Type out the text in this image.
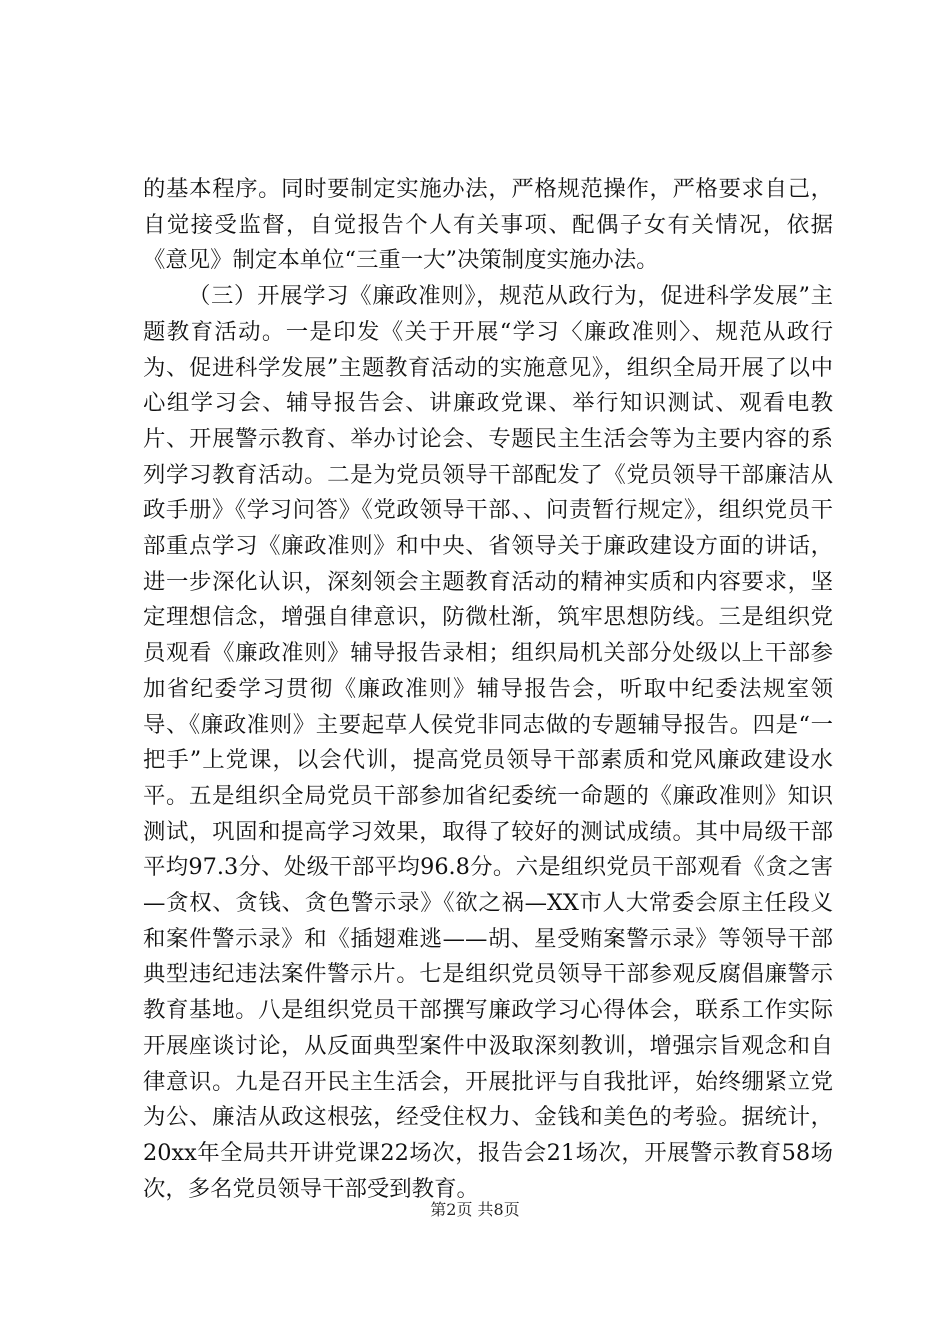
的基本程序。同时要制定实施办法，严格规范操作，严格要求自己，自觉接受监督，自觉报告个人有关事项、配偶子女有关情况，依据《意见》制定本单位“三重一大”决策制度实施办法。

（三）开展学习《廉政准则》，规范从政行为，促进科学发展”主题教育活动。一是印发《关于开展“学习〈廉政准则〉、规范从政行为、促进科学发展”主题教育活动的实施意见》，组织全局开展了以中心组学习会、辅导报告会、讲廉政党课、举行知识测试、观看电教片、开展警示教育、举办讨论会、专题民主生活会等为主要内容的系列学习教育活动。二是为党员领导干部配发了《党员领导干部廉洁从政手册》《学习问答》《党政领导干部、、问责暂行规定》，组织党员干部重点学习《廉政准则》和中央、省领导关于廉政建设方面的讲话，进一步深化认识，深刻领会主题教育活动的精神实质和内容要求，坚定理想信念，增强自律意识，防微杜渐，筑牢思想防线。三是组织党员观看《廉政准则》辅导报告录相；组织局机关部分处级以上干部参加省纪委学习贯彻《廉政准则》辅导报告会，听取中纪委法规室领导、《廉政准则》主要起草人侯党非同志做的专题辅导报告。四是“一把手”上党课，以会代训，提高党员领导干部素质和党风廉政建设水平。五是组织全局党员干部参加省纪委统一命题的《廉政准则》知识测试，巩固和提高学习效果，取得了较好的测试成绩。其中局级干部平均97.3分、处级干部平均96.8分。六是组织党员干部观看《贪之害—贪权、贪钱、贪色警示录》《欲之祸—XX市人大常委会原主任段义和案件警示录》和《插翅难逃——胡、星受贿案警示录》等领导干部典型违纪违法案件警示片。七是组织党员领导干部参观反腐倡廉警示教育基地。八是组织党员干部撰写廉政学习心得体会，联系工作实际开展座谈讨论，从反面典型案件中汲取深刻教训，增强宗旨观念和自律意识。九是召开民主生活会，开展批评与自我批评，始终绷紧立党为公、廉洁从政这根弦，经受住权力、金钱和美色的考验。据统计，20xx年全局共开讲党课22场次，报告会21场次，开展警示教育58场次，多名党员领导干部受到教育。

第2页 共8页
